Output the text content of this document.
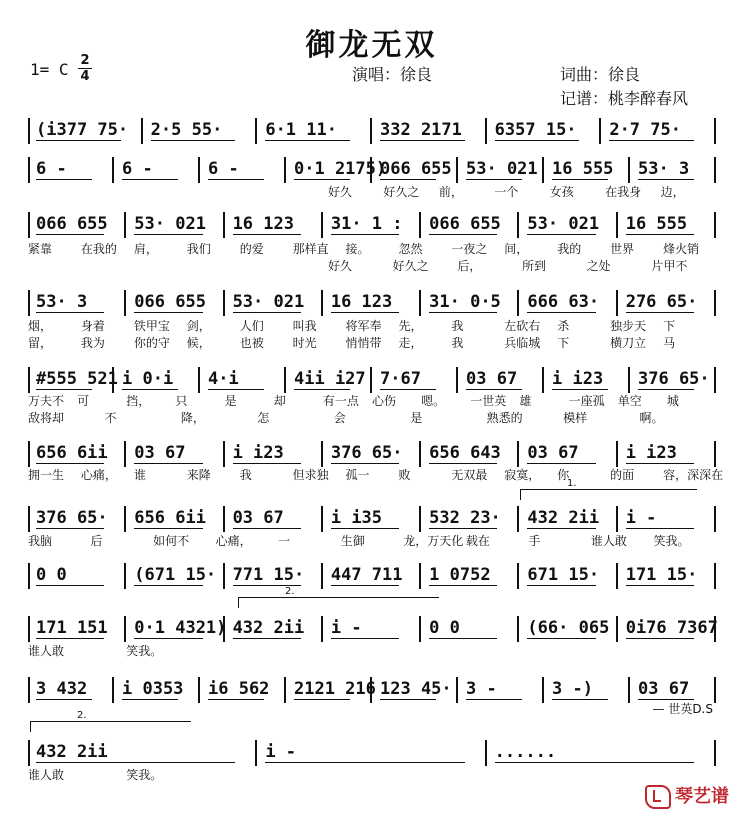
御龙无双
1= C 2
4	演唱：徐良	词曲：徐良
记谱：桃李醉春风
(i377 75· 2·5 55·	6·1 11·	332 2171 6357 15· 2·7 75·
6 -	6 -	6 -	0·1 2175)
066 655 53· 021 16 555 53· 3
066 655 53· 021 16 123 31· 1 : 066 655 53· 021 16 555
53· 3	066 655 53· 021 16 123 31· 0·5 666 63· 276 65·
#555 521 i 0·i 4·i	4ii i27 7·67	03 67 i i23 376 65·
656 6ii 03 67	i i23	376 65· 656 643 03 67	i i23
376 65· 656 6ii 03 67	i i35	532 23· 432 2ii i -
0 0	(671 15· 771 15· 447 711 1 0752 671 15· 171 15·
171 151 0·1 4321) 432 2ii i -	0 0	(66· 065 0i76 7367
3 432 i 0353 i6 562 2121 216 123 45· 3 -	3 -)	03 67
432 2ii	i -	......
好久	好久之 前，	一个	女孩	在我身 边，
紧靠 在我的 肩， 我们 的爱 那样直 接。 忽然 一夜之 间， 我的 世界 烽火销
好久	好久之 后，	所到	之处	片甲不
烟， 身着 铁甲宝 剑， 人们 叫我 将军奉 先， 我	左砍右 杀	独步天 下
留， 我为 你的守 候， 也被 时光 悄悄带 走， 我	兵临城 下	横刀立 马
万夫不 可	挡， 只	是	却	有一点 心伤 嗯。 一世英 雄	一座孤 单空 城
敌将却	不	降，	怎	会	是	熟悉的	模样	啊。
拥一生 心痛， 谁	来降 我	但求独 孤一 败	无双最 寂寞， 你	的面 容，深深在
我脑	后	如何不 心痛， 一	生御	龙，万天化 载在	手	谁人敢 笑我。
谁人敢	笑我。
谁人敢	笑我。
1.
2.
2.	— 世英D.S
琴艺谱
